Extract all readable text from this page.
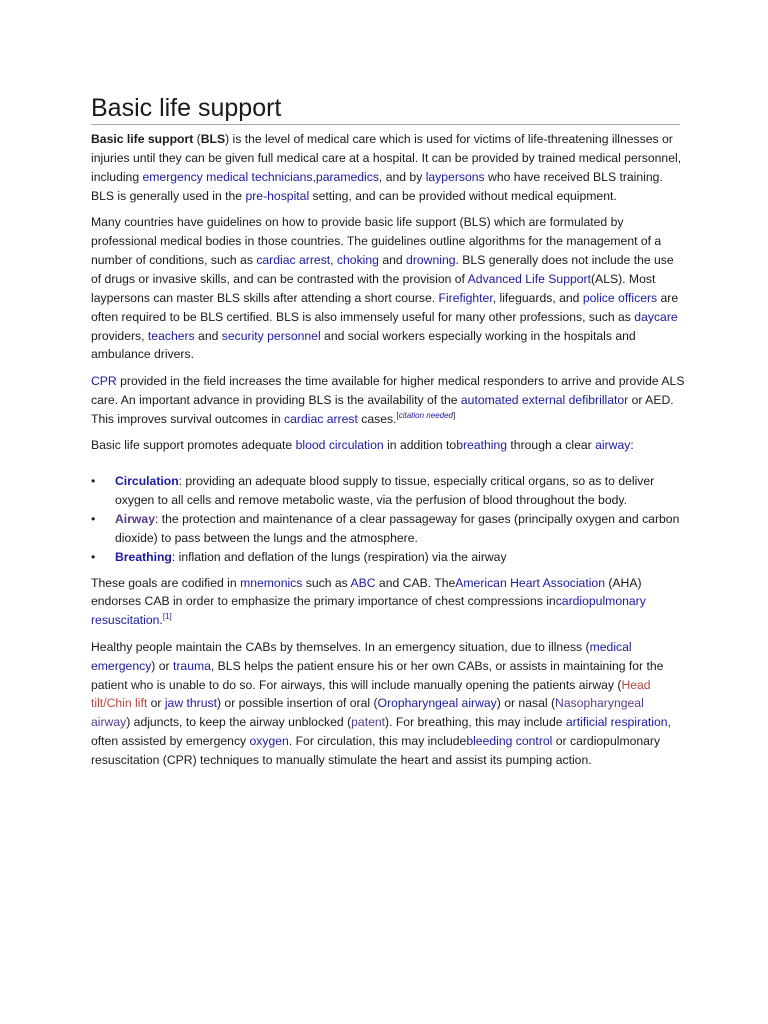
Basic life support

Basic life support (BLS) is the level of medical care which is used for victims of life-threatening illnesses or injuries until they can be given full medical care at a hospital. It can be provided by trained medical personnel, including emergency medical technicians,paramedics, and by laypersons who have received BLS training. BLS is generally used in the pre-hospital setting, and can be provided without medical equipment.

Many countries have guidelines on how to provide basic life support (BLS) which are formulated by professional medical bodies in those countries. The guidelines outline algorithms for the management of a number of conditions, such as cardiac arrest, choking and drowning. BLS generally does not include the use of drugs or invasive skills, and can be contrasted with the provision of Advanced Life Support(ALS). Most laypersons can master BLS skills after attending a short course. Firefighter, lifeguards, and police officers are often required to be BLS certified. BLS is also immensely useful for many other professions, such as daycare providers, teachers and security personnel and social workers especially working in the hospitals and ambulance drivers.

CPR provided in the field increases the time available for higher medical responders to arrive and provide ALS care. An important advance in providing BLS is the availability of the automated external defibrillator or AED. This improves survival outcomes in cardiac arrest cases.[citation needed]

Basic life support promotes adequate blood circulation in addition tobreathing through a clear airway:

• Circulation: providing an adequate blood supply to tissue, especially critical organs, so as to deliver oxygen to all cells and remove metabolic waste, via the perfusion of blood throughout the body.
• Airway: the protection and maintenance of a clear passageway for gases (principally oxygen and carbon dioxide) to pass between the lungs and the atmosphere.
• Breathing: inflation and deflation of the lungs (respiration) via the airway

These goals are codified in mnemonics such as ABC and CAB. TheAmerican Heart Association (AHA) endorses CAB in order to emphasize the primary importance of chest compressions incardiopulmonary resuscitation.[1]

Healthy people maintain the CABs by themselves. In an emergency situation, due to illness (medical emergency) or trauma, BLS helps the patient ensure his or her own CABs, or assists in maintaining for the patient who is unable to do so. For airways, this will include manually opening the patients airway (Head tilt/Chin lift or jaw thrust) or possible insertion of oral (Oropharyngeal airway) or nasal (Nasopharyngeal airway) adjuncts, to keep the airway unblocked (patent). For breathing, this may include artificial respiration, often assisted by emergency oxygen. For circulation, this may includebleeding control or cardiopulmonary resuscitation (CPR) techniques to manually stimulate the heart and assist its pumping action.
